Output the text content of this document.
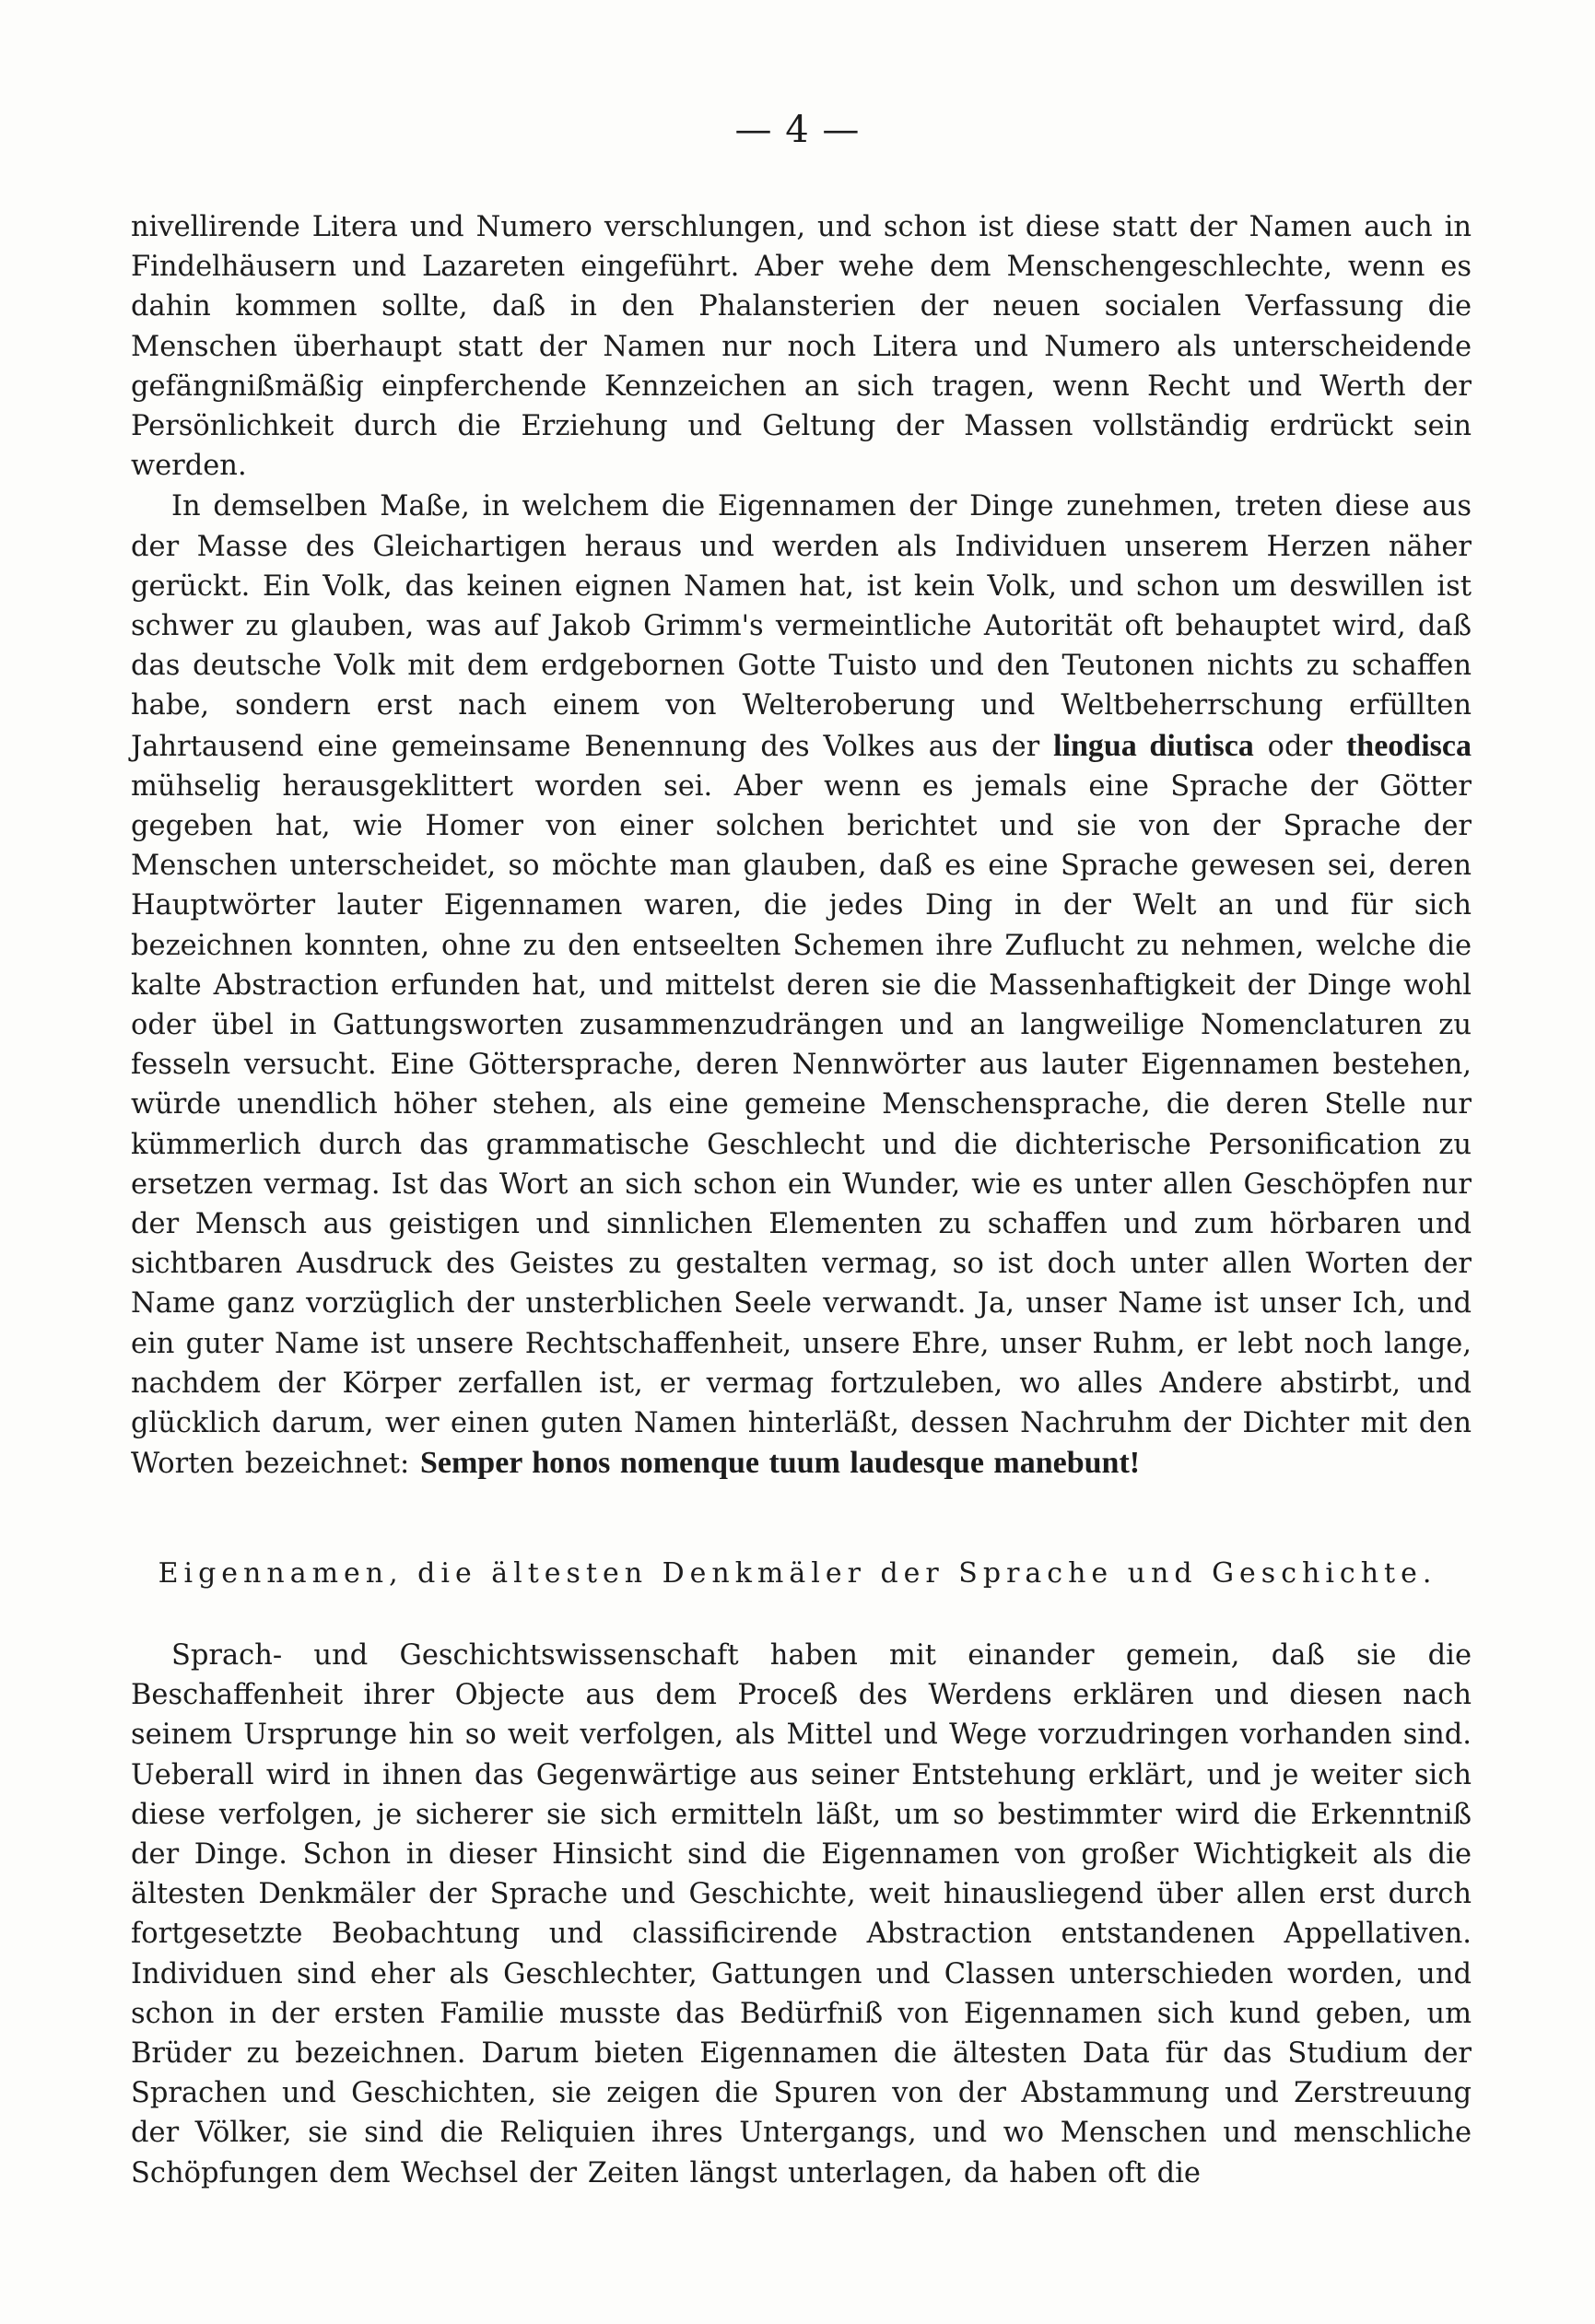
— 4 —

nivellirende Litera und Numero verschlungen, und schon ist diese statt der Namen auch in Findelhäusern und Lazareten eingeführt. Aber wehe dem Menschengeschlechte, wenn es dahin kommen sollte, daß in den Phalansterien der neuen socialen Verfassung die Menschen überhaupt statt der Namen nur noch Litera und Numero als unterscheidende gefängnißmäßig einpferchende Kennzeichen an sich tragen, wenn Recht und Werth der Persönlichkeit durch die Erziehung und Geltung der Massen vollständig erdrückt sein werden.

In demselben Maße, in welchem die Eigennamen der Dinge zunehmen, treten diese aus der Masse des Gleichartigen heraus und werden als Individuen unserem Herzen näher gerückt. Ein Volk, das keinen eignen Namen hat, ist kein Volk, und schon um deswillen ist schwer zu glauben, was auf Jakob Grimm's vermeintliche Autorität oft behauptet wird, daß das deutsche Volk mit dem erdgebornen Gotte Tuisto und den Teutonen nichts zu schaffen habe, sondern erst nach einem von Welteroberung und Weltbeherrschung erfüllten Jahrtausend eine gemeinsame Benennung des Volkes aus der lingua diutisca oder theodisca mühselig herausgeklittert worden sei. Aber wenn es jemals eine Sprache der Götter gegeben hat, wie Homer von einer solchen berichtet und sie von der Sprache der Menschen unterscheidet, so möchte man glauben, daß es eine Sprache gewesen sei, deren Hauptwörter lauter Eigennamen waren, die jedes Ding in der Welt an und für sich bezeichnen konnten, ohne zu den entseelten Schemen ihre Zuflucht zu nehmen, welche die kalte Abstraction erfunden hat, und mittelst deren sie die Massenhaftigkeit der Dinge wohl oder übel in Gattungsworten zusammenzudrängen und an langweilige Nomenclaturen zu fesseln versucht. Eine Göttersprache, deren Nennwörter aus lauter Eigennamen bestehen, würde unendlich höher stehen, als eine gemeine Menschensprache, die deren Stelle nur kümmerlich durch das grammatische Geschlecht und die dichterische Personification zu ersetzen vermag. Ist das Wort an sich schon ein Wunder, wie es unter allen Geschöpfen nur der Mensch aus geistigen und sinnlichen Elementen zu schaffen und zum hörbaren und sichtbaren Ausdruck des Geistes zu gestalten vermag, so ist doch unter allen Worten der Name ganz vorzüglich der unsterblichen Seele verwandt. Ja, unser Name ist unser Ich, und ein guter Name ist unsere Rechtschaffenheit, unsere Ehre, unser Ruhm, er lebt noch lange, nachdem der Körper zerfallen ist, er vermag fortzuleben, wo alles Andere abstirbt, und glücklich darum, wer einen guten Namen hinterläßt, dessen Nachruhm der Dichter mit den Worten bezeichnet: Semper honos nomenque tuum laudesque manebunt!

Eigennamen, die ältesten Denkmäler der Sprache und Geschichte.

Sprach- und Geschichtswissenschaft haben mit einander gemein, daß sie die Beschaffenheit ihrer Objecte aus dem Proceß des Werdens erklären und diesen nach seinem Ursprunge hin so weit verfolgen, als Mittel und Wege vorzudringen vorhanden sind. Ueberall wird in ihnen das Gegenwärtige aus seiner Entstehung erklärt, und je weiter sich diese verfolgen, je sicherer sie sich ermitteln läßt, um so bestimmter wird die Erkenntniß der Dinge. Schon in dieser Hinsicht sind die Eigennamen von großer Wichtigkeit als die ältesten Denkmäler der Sprache und Geschichte, weit hinausliegend über allen erst durch fortgesetzte Beobachtung und classificirende Abstraction entstandenen Appellativen. Individuen sind eher als Geschlechter, Gattungen und Classen unterschieden worden, und schon in der ersten Familie musste das Bedürfniß von Eigennamen sich kund geben, um Brüder zu bezeichnen. Darum bieten Eigennamen die ältesten Data für das Studium der Sprachen und Geschichten, sie zeigen die Spuren von der Abstammung und Zerstreuung der Völker, sie sind die Reliquien ihres Untergangs, und wo Menschen und menschliche Schöpfungen dem Wechsel der Zeiten längst unterlagen, da haben oft die
